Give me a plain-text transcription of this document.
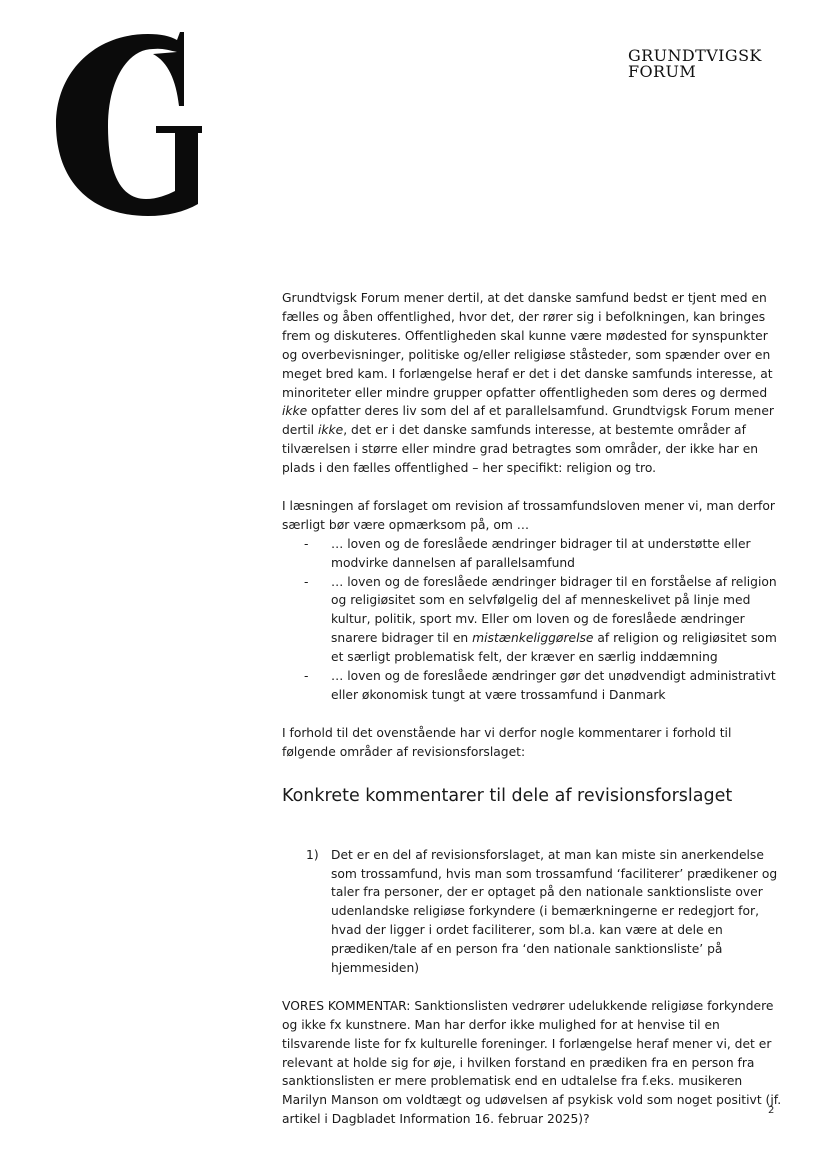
GRUNDTVIGSK
FORUM

Grundtvigsk Forum mener dertil, at det danske samfund bedst er tjent med en fælles og åben offentlighed, hvor det, der rører sig i befolkningen, kan bringes frem og diskuteres. Offentligheden skal kunne være mødested for synspunkter og overbevisninger, politiske og/eller religiøse ståsteder, som spænder over en meget bred kam. I forlængelse heraf er det i det danske samfunds interesse, at minoriteter eller mindre grupper opfatter offentligheden som deres og dermed ikke opfatter deres liv som del af et parallelsamfund. Grundtvigsk Forum mener dertil ikke, det er i det danske samfunds interesse, at bestemte områder af tilværelsen i større eller mindre grad betragtes som områder, der ikke har en plads i den fælles offentlighed – her specifikt: religion og tro.

I læsningen af forslaget om revision af trossamfundsloven mener vi, man derfor særligt bør være opmærksom på, om …

- … loven og de foreslåede ændringer bidrager til at understøtte eller modvirke dannelsen af parallelsamfund
- … loven og de foreslåede ændringer bidrager til en forståelse af religion og religiøsitet som en selvfølgelig del af menneskelivet på linje med kultur, politik, sport mv. Eller om loven og de foreslåede ændringer snarere bidrager til en mistænkeliggørelse af religion og religiøsitet som et særligt problematisk felt, der kræver en særlig inddæmning
- … loven og de foreslåede ændringer gør det unødvendigt administrativt eller økonomisk tungt at være trossamfund i Danmark

I forhold til det ovenstående har vi derfor nogle kommentarer i forhold til følgende områder af revisionsforslaget:

Konkrete kommentarer til dele af revisionsforslaget
1) Det er en del af revisionsforslaget, at man kan miste sin anerkendelse som trossamfund, hvis man som trossamfund ‘faciliterer’ prædikener og taler fra personer, der er optaget på den nationale sanktionsliste over udenlandske religiøse forkyndere (i bemærkningerne er redegjort for, hvad der ligger i ordet faciliterer, som bl.a. kan være at dele en prædiken/tale af en person fra ‘den nationale sanktionsliste’ på hjemmesiden)

VORES KOMMENTAR: Sanktionslisten vedrører udelukkende religiøse forkyndere og ikke fx kunstnere. Man har derfor ikke mulighed for at henvise til en tilsvarende liste for fx kulturelle foreninger. I forlængelse heraf mener vi, det er relevant at holde sig for øje, i hvilken forstand en prædiken fra en person fra sanktionslisten er mere problematisk end en udtalelse fra f.eks. musikeren Marilyn Manson om voldtægt og udøvelsen af psykisk vold som noget positivt (jf. artikel i Dagbladet Information 16. februar 2025)?

2
